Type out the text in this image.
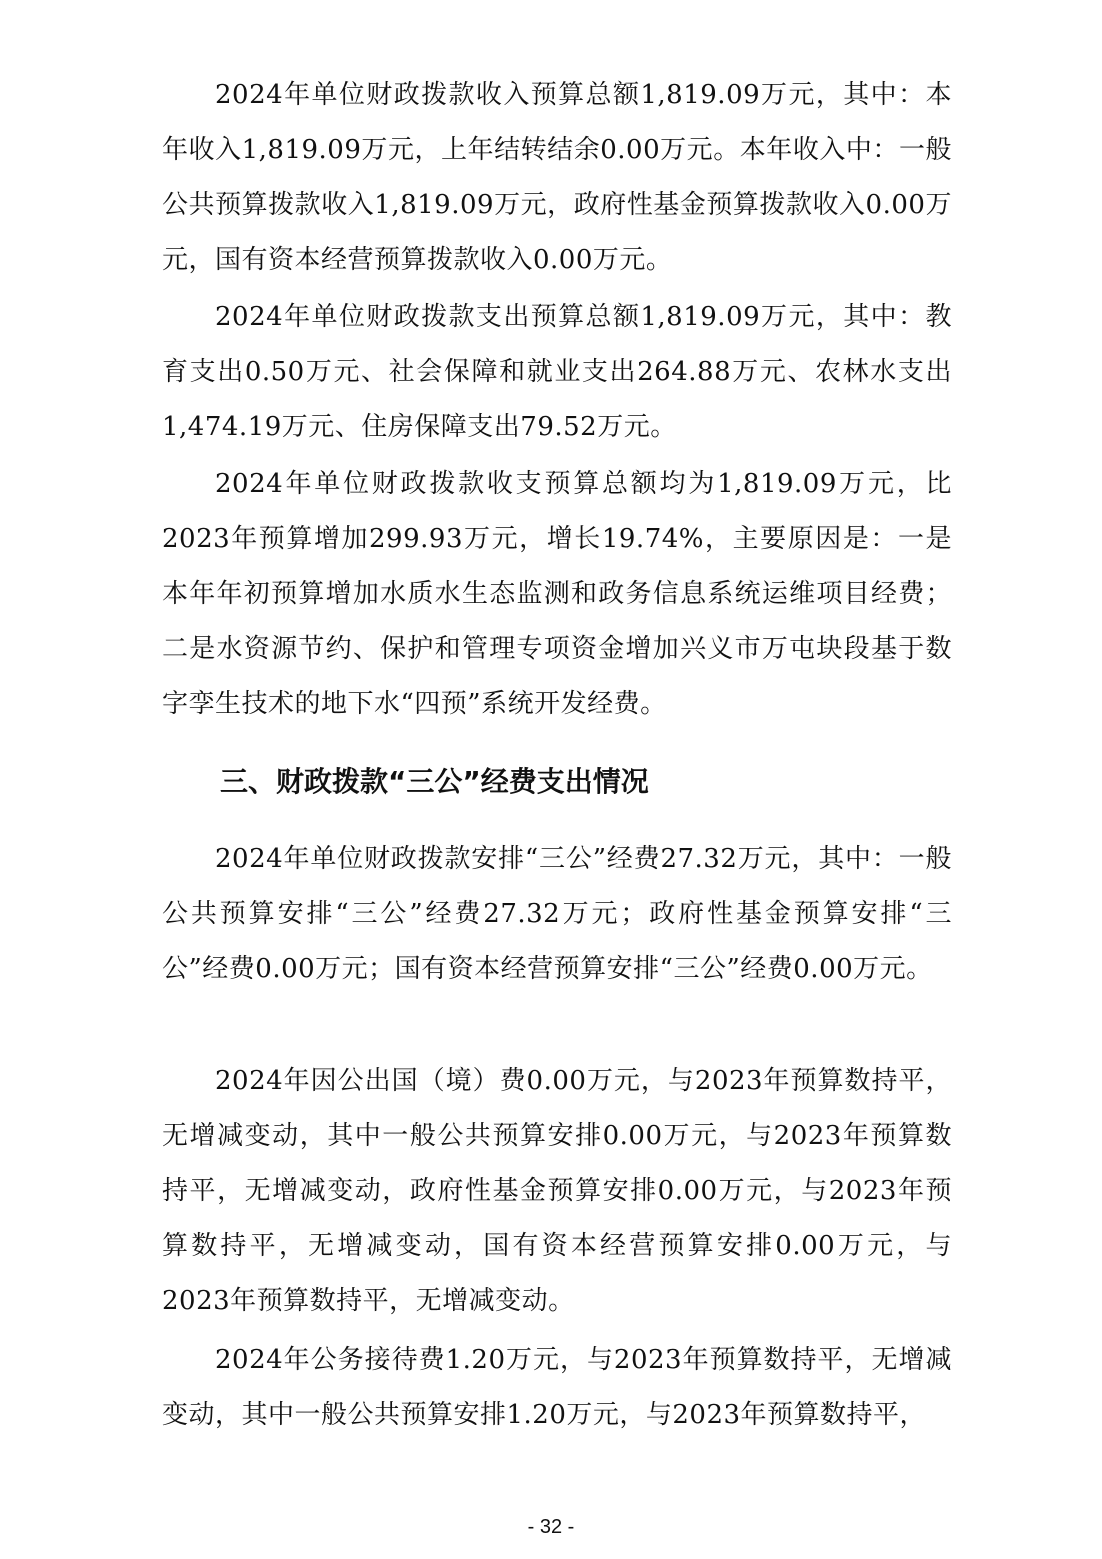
2024年单位财政拨款收入预算总额1,819.09万元，其中：本年收入1,819.09万元，上年结转结余0.00万元。本年收入中：一般公共预算拨款收入1,819.09万元，政府性基金预算拨款收入0.00万元，国有资本经营预算拨款收入0.00万元。

2024年单位财政拨款支出预算总额1,819.09万元，其中：教育支出0.50万元、社会保障和就业支出264.88万元、农林水支出1,474.19万元、住房保障支出79.52万元。

2024年单位财政拨款收支预算总额均为1,819.09万元，比2023年预算增加299.93万元，增长19.74%，主要原因是：一是本年年初预算增加水质水生态监测和政务信息系统运维项目经费；二是水资源节约、保护和管理专项资金增加兴义市万屯块段基于数字孪生技术的地下水“四预”系统开发经费。

三、财政拨款“三公”经费支出情况

2024年单位财政拨款安排“三公”经费27.32万元，其中：一般公共预算安排“三公”经费27.32万元；政府性基金预算安排“三公”经费0.00万元；国有资本经营预算安排“三公”经费0.00万元。

2024年因公出国（境）费0.00万元，与2023年预算数持平，无增减变动，其中一般公共预算安排0.00万元，与2023年预算数持平，无增减变动，政府性基金预算安排0.00万元，与2023年预算数持平，无增减变动，国有资本经营预算安排0.00万元，与2023年预算数持平，无增减变动。

2024年公务接待费1.20万元，与2023年预算数持平，无增减变动，其中一般公共预算安排1.20万元，与2023年预算数持平，

- 32 -
